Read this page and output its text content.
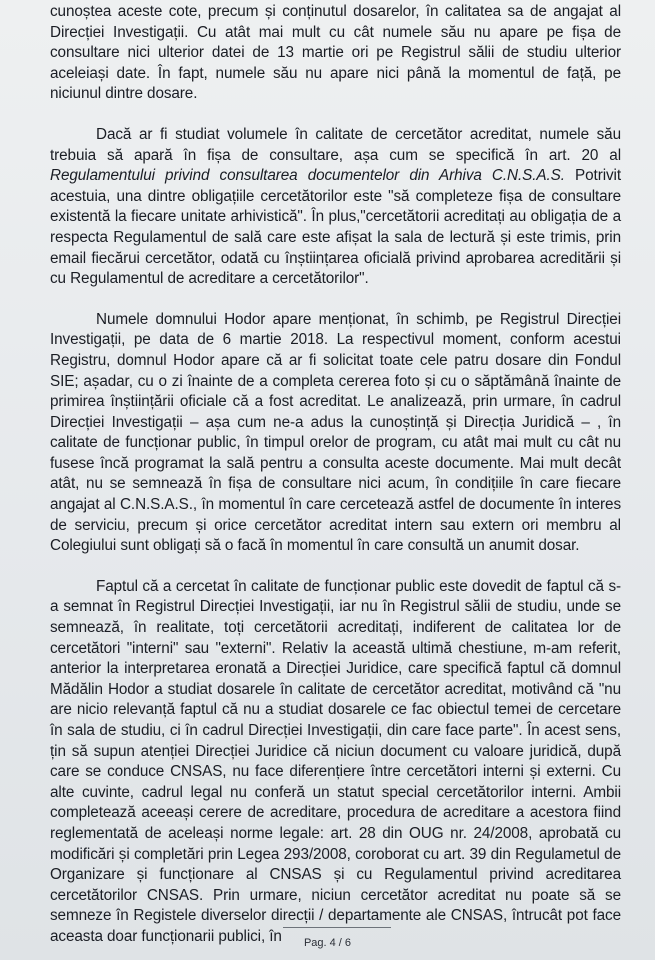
cunoștea aceste cote, precum și conținutul dosarelor, în calitatea sa de angajat al Direcției Investigații. Cu atât mai mult cu cât numele său nu apare pe fișa de consultare nici ulterior datei de 13 martie ori pe Registrul sălii de studiu ulterior aceleiași date. În fapt, numele său nu apare nici până la momentul de față, pe niciunul dintre dosare.

Dacă ar fi studiat volumele în calitate de cercetător acreditat, numele său trebuia să apară în fișa de consultare, așa cum se specifică în art. 20 al Regulamentului privind consultarea documentelor din Arhiva C.N.S.A.S. Potrivit acestuia, una dintre obligațiile cercetătorilor este "să completeze fișa de consultare existentă la fiecare unitate arhivistică". În plus,"cercetătorii acreditați au obligația de a respecta Regulamentul de sală care este afișat la sala de lectură și este trimis, prin email fiecărui cercetător, odată cu înștiințarea oficială privind aprobarea acreditării și cu Regulamentul de acreditare a cercetătorilor".

Numele domnului Hodor apare menționat, în schimb, pe Registrul Direcției Investigații, pe data de 6 martie 2018. La respectivul moment, conform acestui Registru, domnul Hodor apare că ar fi solicitat toate cele patru dosare din Fondul SIE; așadar, cu o zi înainte de a completa cererea foto și cu o săptămână înainte de primirea înștiințării oficiale că a fost acreditat. Le analizează, prin urmare, în cadrul Direcției Investigații – așa cum ne-a adus la cunoștință și Direcția Juridică – , în calitate de funcționar public, în timpul orelor de program, cu atât mai mult cu cât nu fusese încă programat la sală pentru a consulta aceste documente. Mai mult decât atât, nu se semnează în fișa de consultare nici acum, în condițiile în care fiecare angajat al C.N.S.A.S., în momentul în care cercetează astfel de documente în interes de serviciu, precum și orice cercetător acreditat intern sau extern ori membru al Colegiului sunt obligați să o facă în momentul în care consultă un anumit dosar.

Faptul că a cercetat în calitate de funcționar public este dovedit de faptul că s-a semnat în Registrul Direcției Investigații, iar nu în Registrul sălii de studiu, unde se semnează, în realitate, toți cercetătorii acreditați, indiferent de calitatea lor de cercetători "interni" sau "externi". Relativ la această ultimă chestiune, m-am referit, anterior la interpretarea eronată a Direcției Juridice, care specifică faptul că domnul Mădălin Hodor a studiat dosarele în calitate de cercetător acreditat, motivând că "nu are nicio relevanță faptul că nu a studiat dosarele ce fac obiectul temei de cercetare în sala de studiu, ci în cadrul Direcției Investigații, din care face parte". În acest sens, țin să supun atenției Direcției Juridice că niciun document cu valoare juridică, după care se conduce CNSAS, nu face diferențiere între cercetători interni și externi. Cu alte cuvinte, cadrul legal nu conferă un statut special cercetătorilor interni. Ambii completează aceeași cerere de acreditare, procedura de acreditare a acestora fiind reglementată de aceleași norme legale: art. 28 din OUG nr. 24/2008, aprobată cu modificări și completări prin Legea 293/2008, coroborat cu art. 39 din Regulametul de Organizare și funcționare al CNSAS și cu Regulamentul privind acreditarea cercetătorilor CNSAS. Prin urmare, niciun cercetător acreditat nu poate să se semneze în Registele diverselor direcții / departamente ale CNSAS, întrucât pot face aceasta doar funcționarii publici, în	Pag. 4 / 6
